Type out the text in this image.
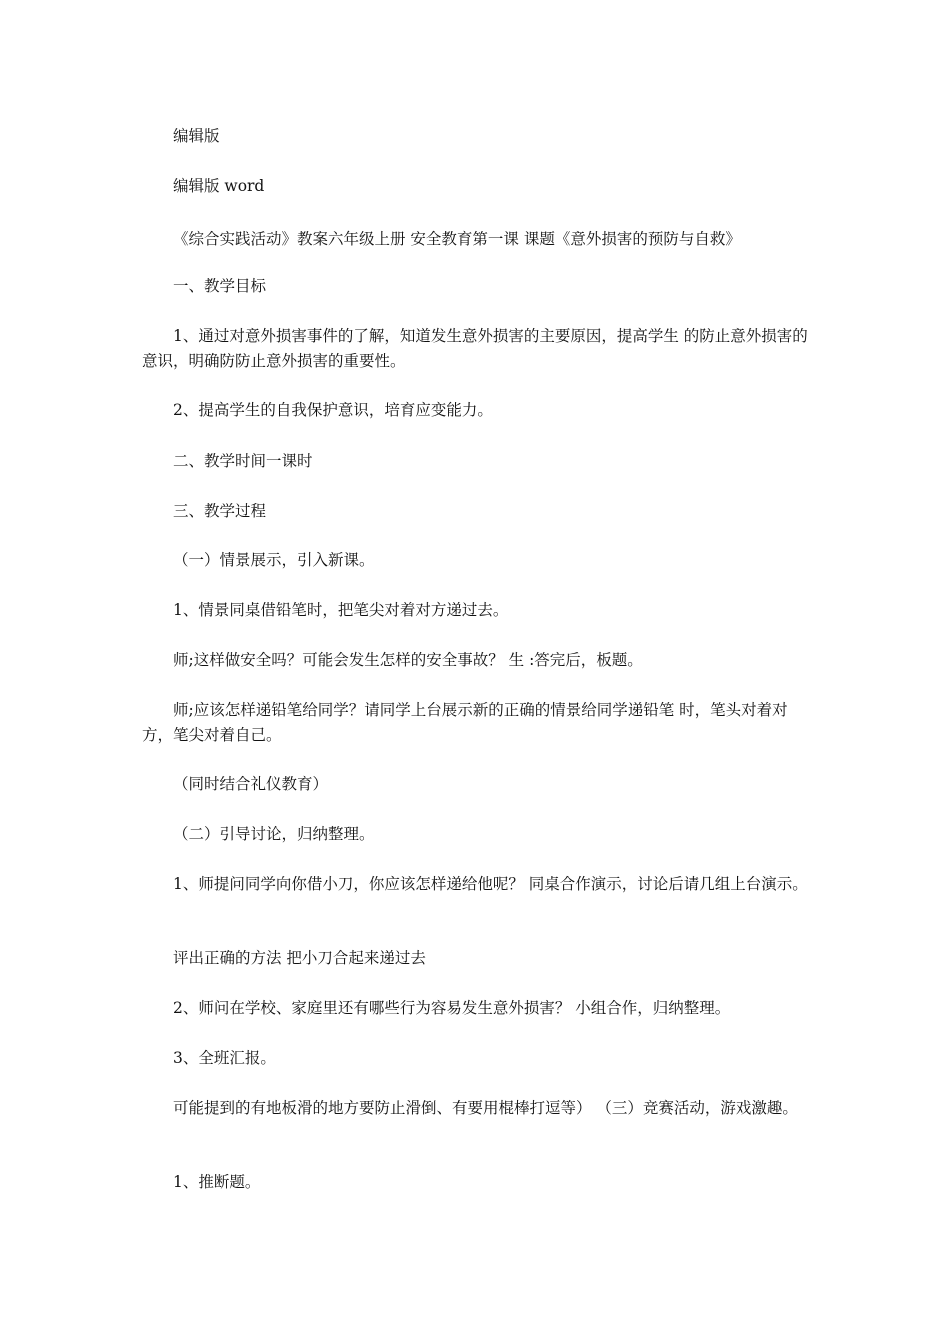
编辑版

编辑版 word

《综合实践活动》教案六年级上册 安全教育第一课 课题《意外损害的预防与自救》

一、教学目标

1、通过对意外损害事件的了解，知道发生意外损害的主要原因，提高学生 的防止意外损害的意识，明确防防止意外损害的重要性。

2、提高学生的自我保护意识，培育应变能力。

二、教学时间一课时

三、教学过程

（一）情景展示，引入新课。

1、情景同桌借铅笔时，把笔尖对着对方递过去。

师;这样做安全吗？可能会发生怎样的安全事故？ 生 :答完后，板题。

师;应该怎样递铅笔给同学？请同学上台展示新的正确的情景给同学递铅笔 时，笔头对着对方，笔尖对着自己。

（同时结合礼仪教育）

（二）引导讨论，归纳整理。

1、师提问同学向你借小刀，你应该怎样递给他呢？ 同桌合作演示，讨论后请几组上台演示。

评出正确的方法 把小刀合起来递过去

2、师问在学校、家庭里还有哪些行为容易发生意外损害？ 小组合作，归纳整理。

3、全班汇报。

可能提到的有地板滑的地方要防止滑倒、有要用棍棒打逗等） （三）竞赛活动，游戏激趣。

1、推断题。
